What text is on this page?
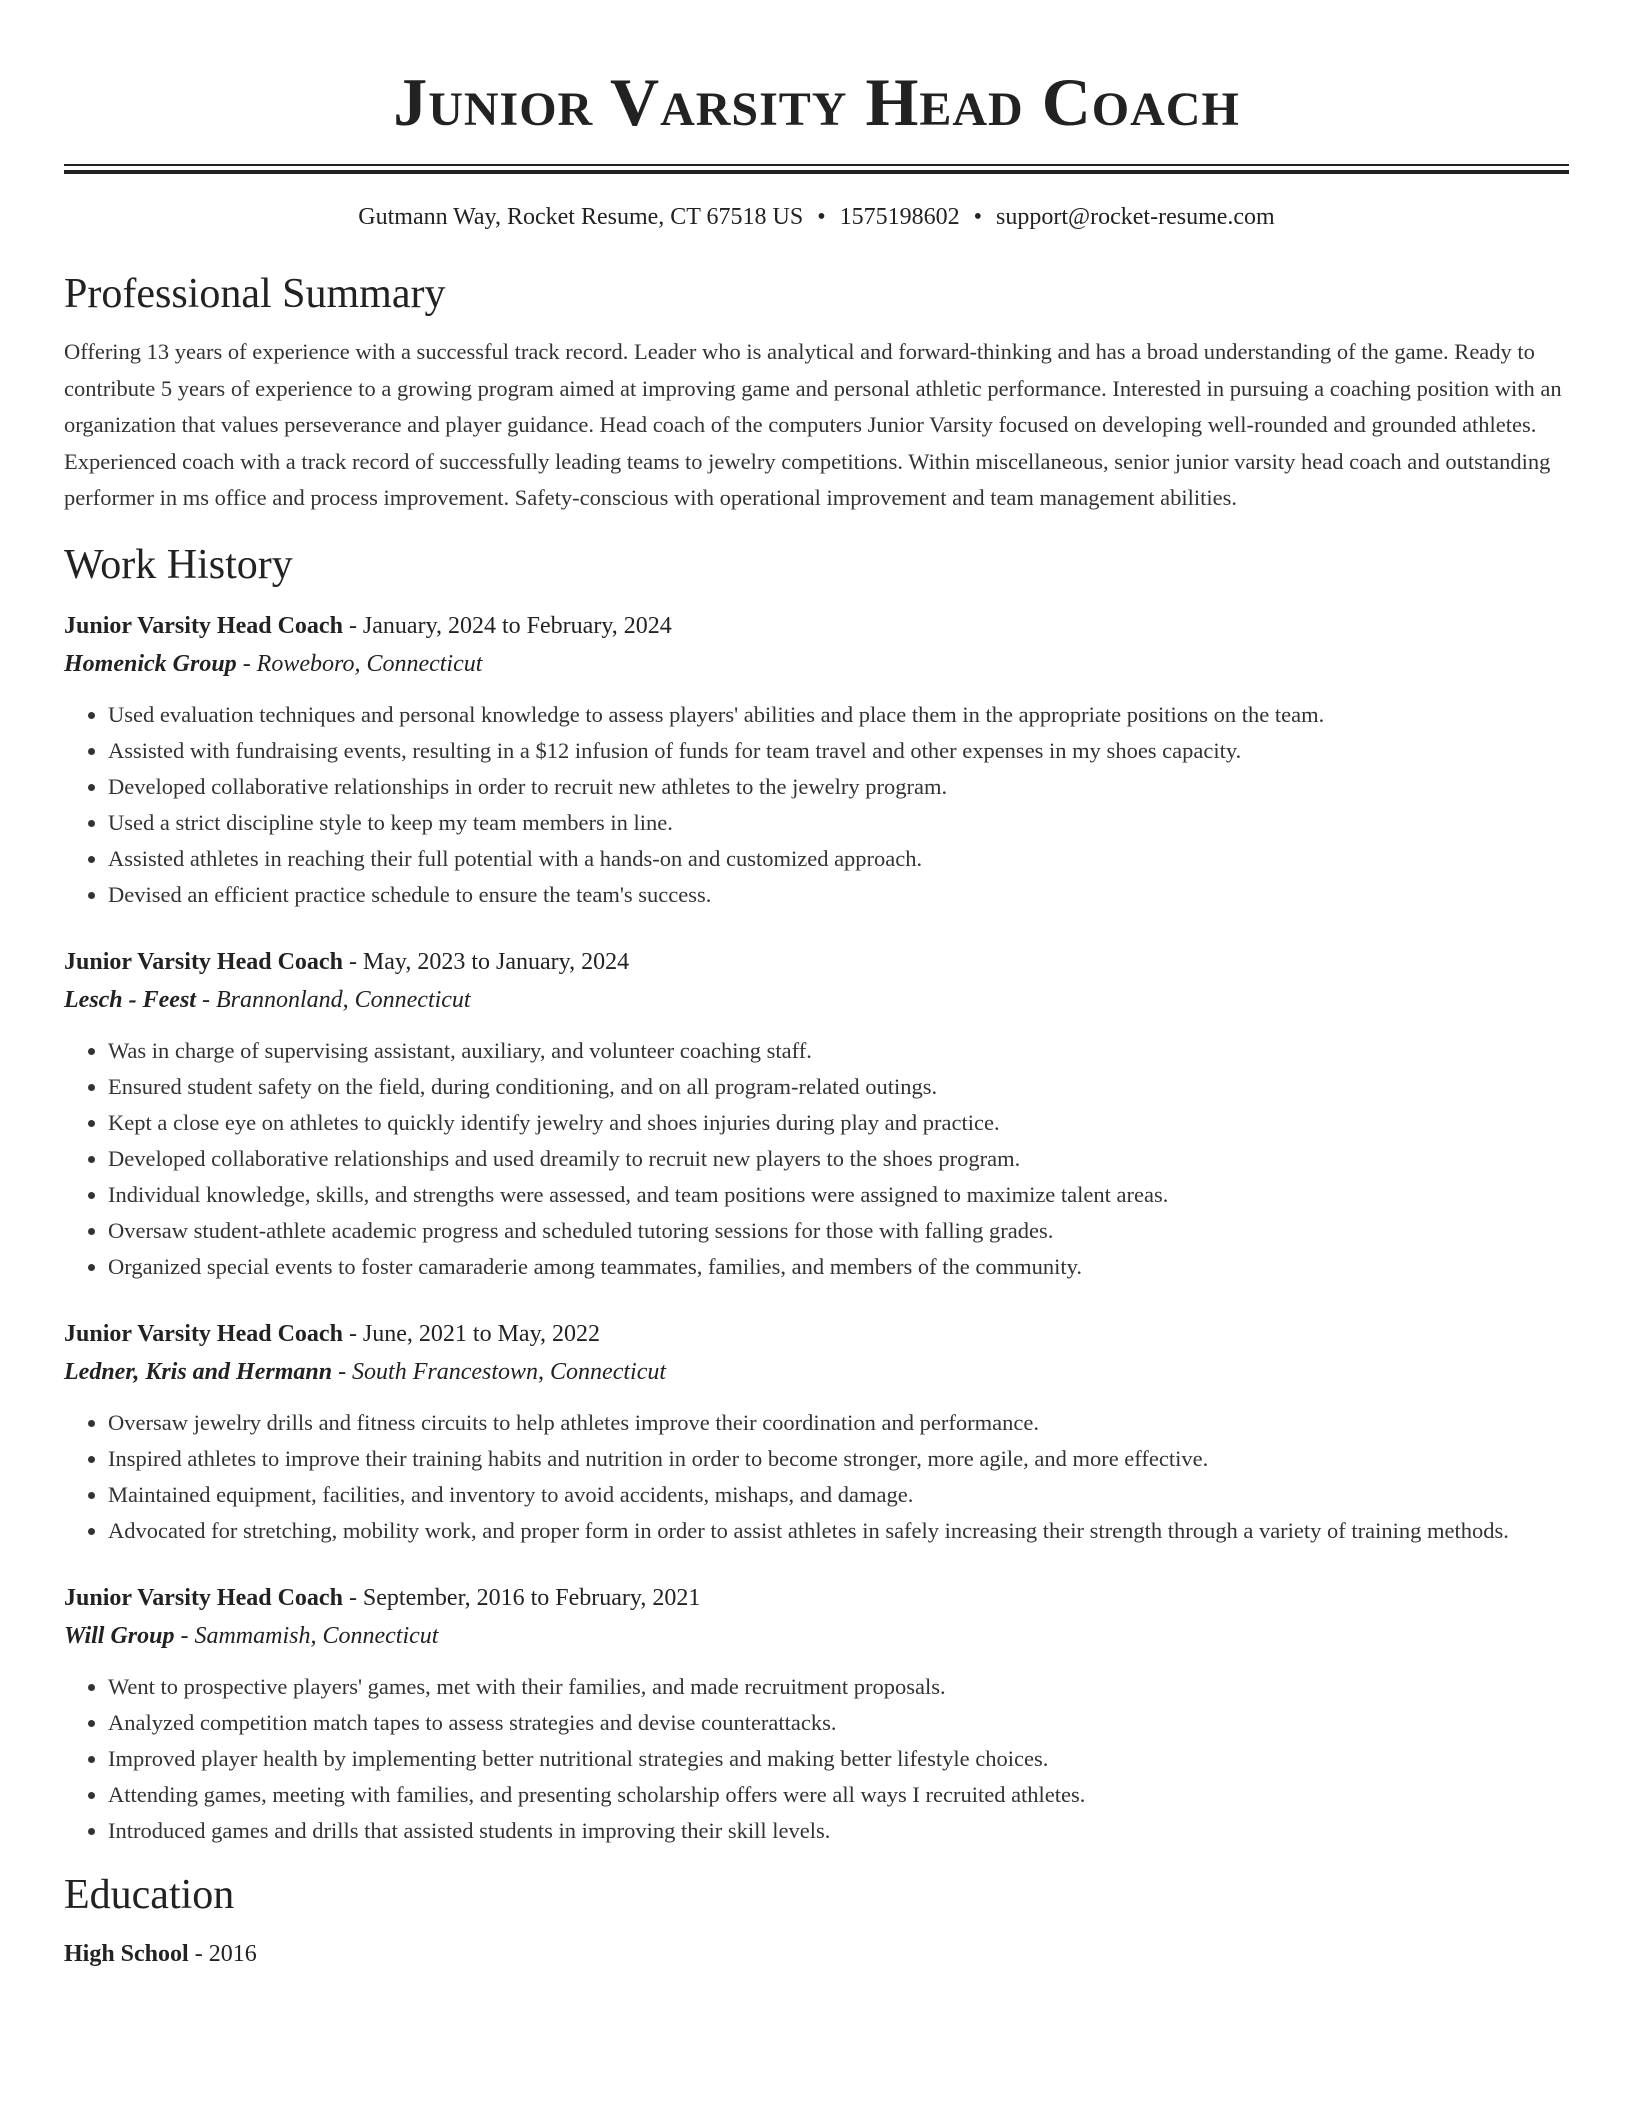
Junior Varsity Head Coach
Gutmann Way, Rocket Resume, CT 67518 US • 1575198602 • support@rocket-resume.com
Professional Summary

Offering 13 years of experience with a successful track record. Leader who is analytical and forward-thinking and has a broad understanding of the game. Ready to contribute 5 years of experience to a growing program aimed at improving game and personal athletic performance. Interested in pursuing a coaching position with an organization that values perseverance and player guidance. Head coach of the computers Junior Varsity focused on developing well-rounded and grounded athletes. Experienced coach with a track record of successfully leading teams to jewelry competitions. Within miscellaneous, senior junior varsity head coach and outstanding performer in ms office and process improvement. Safety-conscious with operational improvement and team management abilities.

Work History
Junior Varsity Head Coach - January, 2024 to February, 2024
Homenick Group - Roweboro, Connecticut
• Used evaluation techniques and personal knowledge to assess players' abilities and place them in the appropriate positions on the team.
• Assisted with fundraising events, resulting in a $12 infusion of funds for team travel and other expenses in my shoes capacity.
• Developed collaborative relationships in order to recruit new athletes to the jewelry program.
• Used a strict discipline style to keep my team members in line.
• Assisted athletes in reaching their full potential with a hands-on and customized approach.
• Devised an efficient practice schedule to ensure the team's success.
Junior Varsity Head Coach - May, 2023 to January, 2024
Lesch - Feest - Brannonland, Connecticut
• Was in charge of supervising assistant, auxiliary, and volunteer coaching staff.
• Ensured student safety on the field, during conditioning, and on all program-related outings.
• Kept a close eye on athletes to quickly identify jewelry and shoes injuries during play and practice.
• Developed collaborative relationships and used dreamily to recruit new players to the shoes program.
• Individual knowledge, skills, and strengths were assessed, and team positions were assigned to maximize talent areas.
• Oversaw student-athlete academic progress and scheduled tutoring sessions for those with falling grades.
• Organized special events to foster camaraderie among teammates, families, and members of the community.
Junior Varsity Head Coach - June, 2021 to May, 2022
Ledner, Kris and Hermann - South Francestown, Connecticut
• Oversaw jewelry drills and fitness circuits to help athletes improve their coordination and performance.
• Inspired athletes to improve their training habits and nutrition in order to become stronger, more agile, and more effective.
• Maintained equipment, facilities, and inventory to avoid accidents, mishaps, and damage.
• Advocated for stretching, mobility work, and proper form in order to assist athletes in safely increasing their strength through a variety of training methods.
Junior Varsity Head Coach - September, 2016 to February, 2021
Will Group - Sammamish, Connecticut
• Went to prospective players' games, met with their families, and made recruitment proposals.
• Analyzed competition match tapes to assess strategies and devise counterattacks.
• Improved player health by implementing better nutritional strategies and making better lifestyle choices.
• Attending games, meeting with families, and presenting scholarship offers were all ways I recruited athletes.
• Introduced games and drills that assisted students in improving their skill levels.
Education
High School - 2016
